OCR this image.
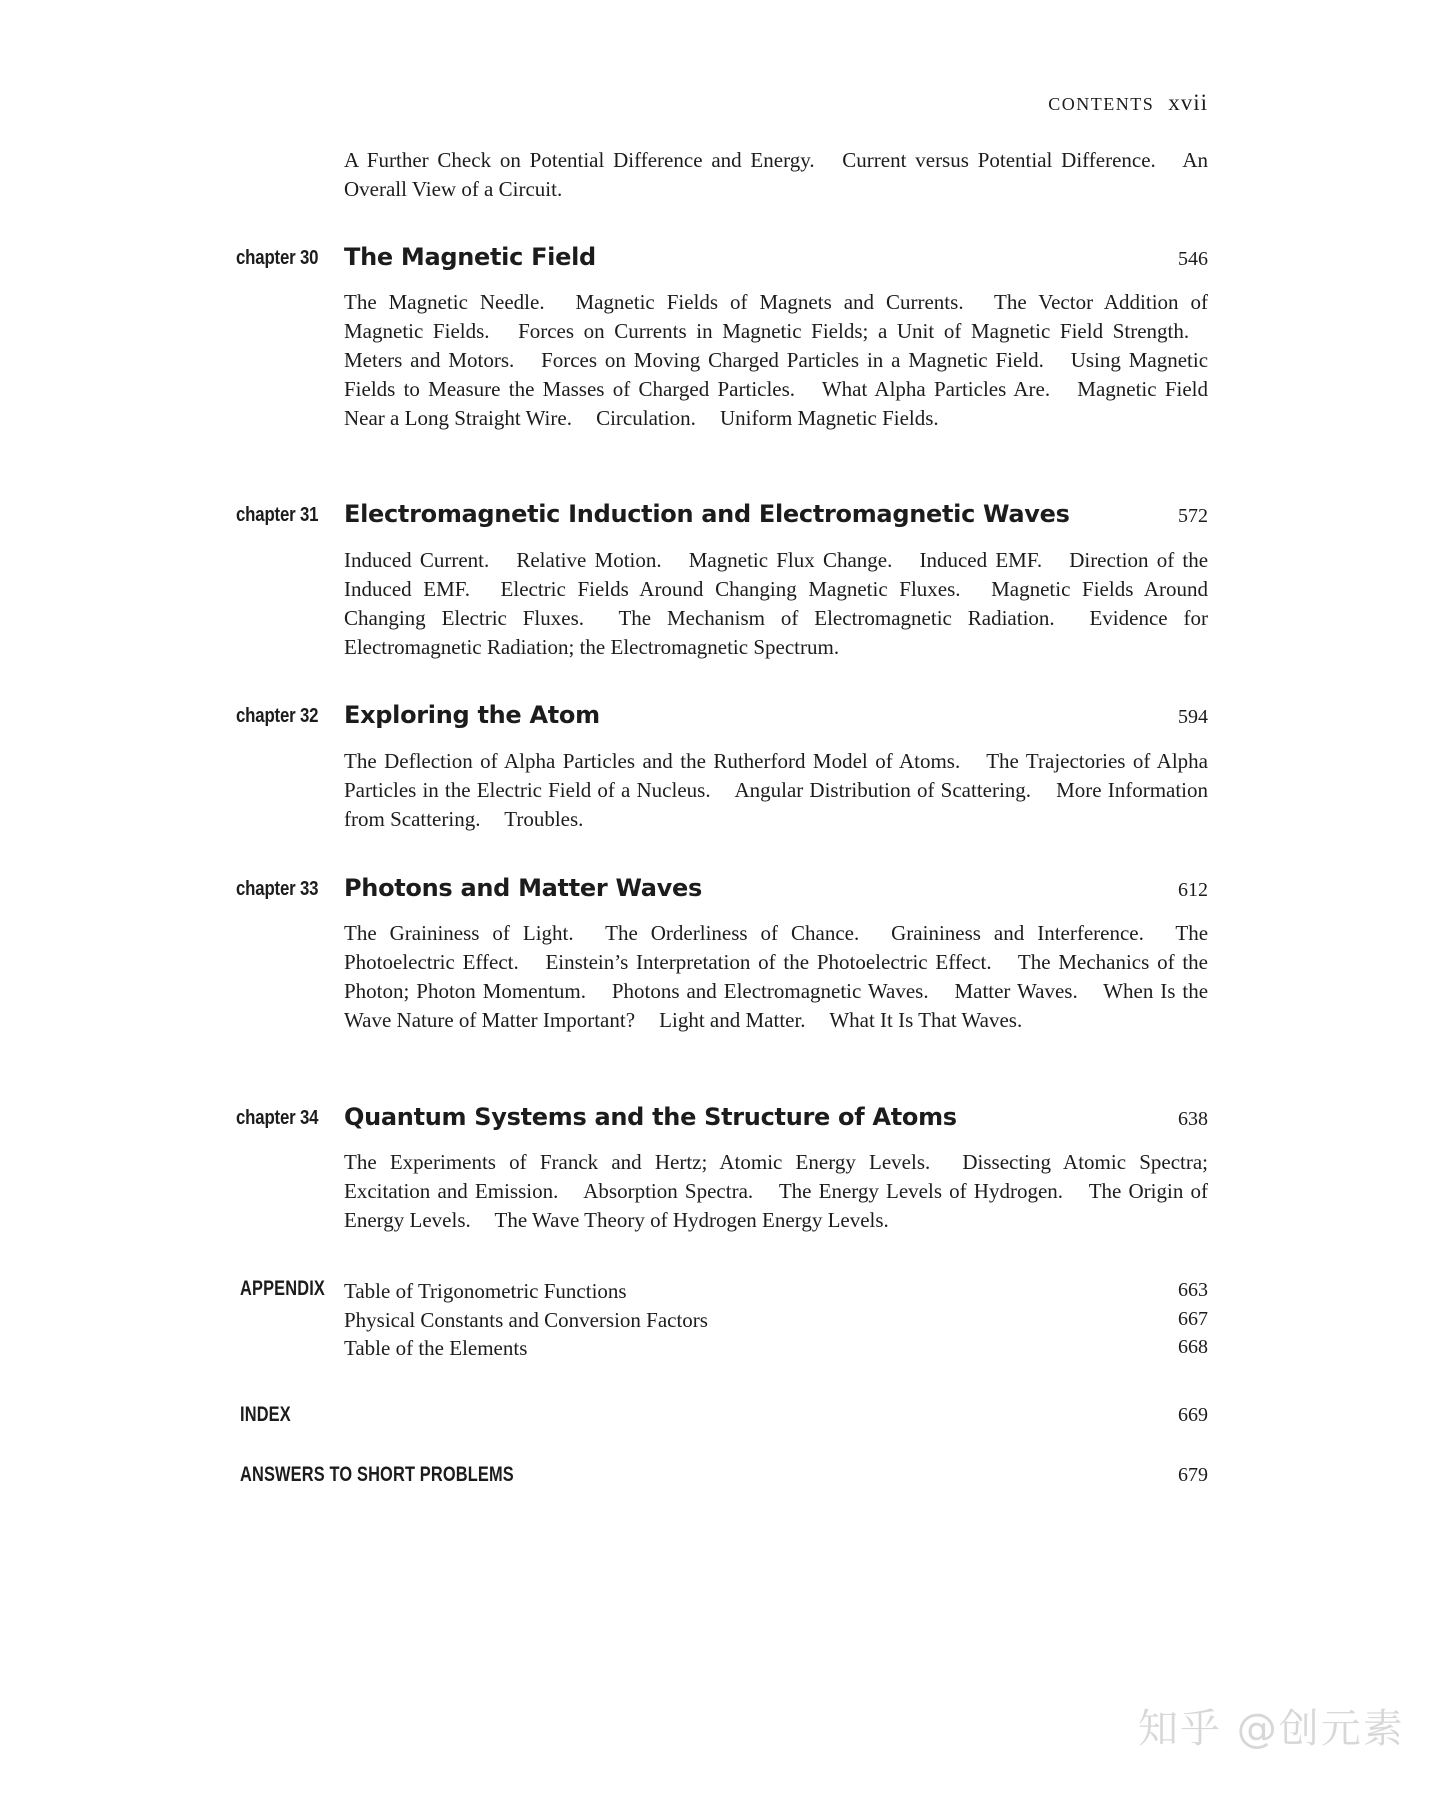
CONTENTS xvii
A Further Check on Potential Difference and Energy. Current versus Potential Difference. An Overall View of a Circuit.
chapter 30 The Magnetic Field	546
The Magnetic Needle. Magnetic Fields of Magnets and Currents. The Vector Addition of Magnetic Fields. Forces on Currents in Magnetic Fields; a Unit of Magnetic Field Strength. Meters and Motors. Forces on Moving Charged Particles in a Magnetic Field. Using Magnetic Fields to Measure the Masses of Charged Particles. What Alpha Particles Are. Magnetic Field Near a Long Straight Wire. Circulation. Uniform Magnetic Fields.
chapter 31 Electromagnetic Induction and Electromagnetic Waves	572
Induced Current. Relative Motion. Magnetic Flux Change. Induced EMF. Direction of the Induced EMF. Electric Fields Around Changing Magnetic Fluxes. Magnetic Fields Around Changing Electric Fluxes. The Mechanism of Electromagnetic Radiation. Evidence for Electromagnetic Radiation; the Electromagnetic Spectrum.
chapter 32 Exploring the Atom	594
The Deflection of Alpha Particles and the Rutherford Model of Atoms. The Trajectories of Alpha Particles in the Electric Field of a Nucleus. Angular Distribution of Scattering. More Information from Scattering. Troubles.
chapter 33 Photons and Matter Waves	612
The Graininess of Light. The Orderliness of Chance. Graininess and Interference. The Photoelectric Effect. Einstein’s Interpretation of the Photoelectric Effect. The Mechanics of the Photon; Photon Momentum. Photons and Electromagnetic Waves. Matter Waves. When Is the Wave Nature of Matter Important? Light and Matter. What It Is That Waves.
chapter 34 Quantum Systems and the Structure of Atoms	638
The Experiments of Franck and Hertz; Atomic Energy Levels. Dissecting Atomic Spectra; Excitation and Emission. Absorption Spectra. The Energy Levels of Hydrogen. The Origin of Energy Levels. The Wave Theory of Hydrogen Energy Levels.
APPENDIX Table of Trigonometric Functions	663
Physical Constants and Conversion Factors	667
Table of the Elements	668
INDEX	669
ANSWERS TO SHORT PROBLEMS	679
知乎 @创元素
